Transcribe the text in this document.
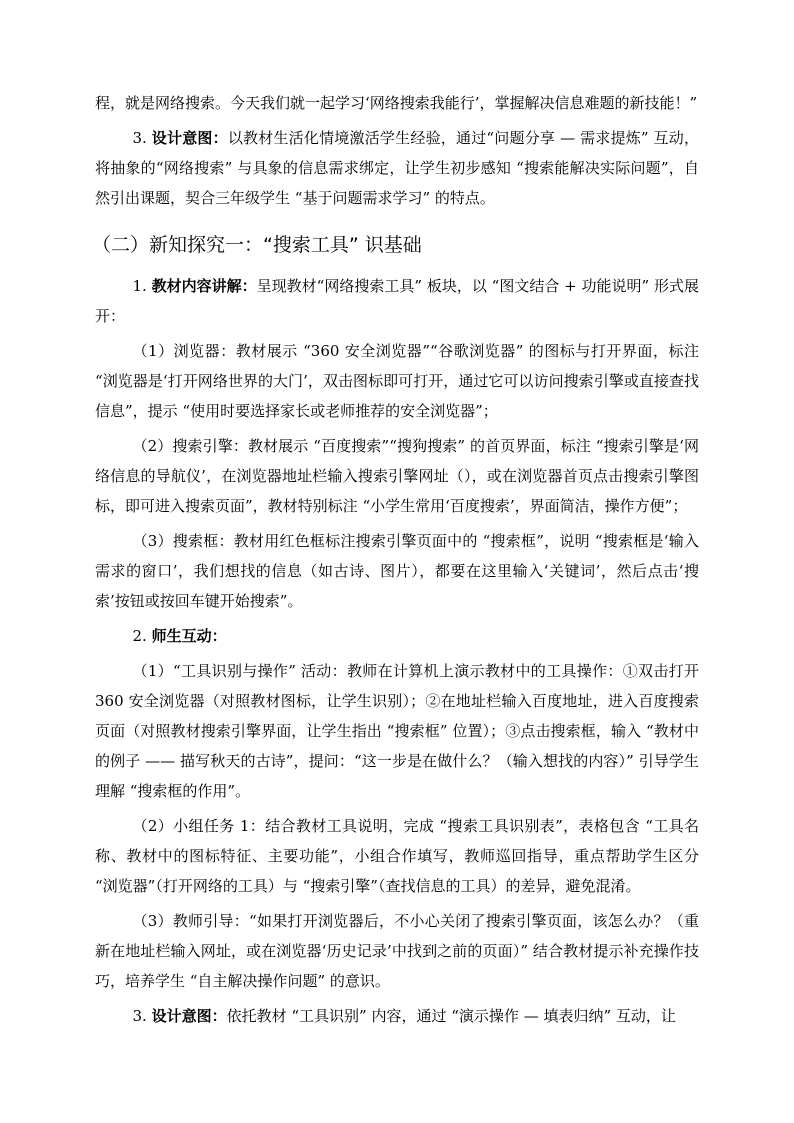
程，就是网络搜索。今天我们就一起学习‘网络搜索我能行’，掌握解决信息难题的新技能！”

3. 设计意图：以教材生活化情境激活学生经验，通过“问题分享 — 需求提炼” 互动，将抽象的“网络搜索” 与具象的信息需求绑定，让学生初步感知 “搜索能解决实际问题”，自然引出课题，契合三年级学生 “基于问题需求学习” 的特点。

（二）新知探究一：“搜索工具” 识基础

1. 教材内容讲解：呈现教材“网络搜索工具” 板块，以 “图文结合 + 功能说明” 形式展开：

（1）浏览器：教材展示 “360 安全浏览器”“谷歌浏览器” 的图标与打开界面，标注 “浏览器是‘打开网络世界的大门’，双击图标即可打开，通过它可以访问搜索引擎或直接查找信息”，提示 “使用时要选择家长或老师推荐的安全浏览器”；

（2）搜索引擎：教材展示 “百度搜索”“搜狗搜索” 的首页界面，标注 “搜索引擎是‘网络信息的导航仪’，在浏览器地址栏输入搜索引擎网址（），或在浏览器首页点击搜索引擎图标，即可进入搜索页面”，教材特别标注 “小学生常用‘百度搜索’，界面简洁，操作方便”；

（3）搜索框：教材用红色框标注搜索引擎页面中的 “搜索框”，说明 “搜索框是‘输入需求的窗口’，我们想找的信息（如古诗、图片），都要在这里输入‘关键词’，然后点击‘搜索’按钮或按回车键开始搜索”。

2. 师生互动：

（1）“工具识别与操作” 活动：教师在计算机上演示教材中的工具操作：①双击打开 360 安全浏览器（对照教材图标，让学生识别）；②在地址栏输入百度地址，进入百度搜索页面（对照教材搜索引擎界面，让学生指出 “搜索框” 位置）；③点击搜索框，输入 “教材中的例子 —— 描写秋天的古诗”，提问：“这一步是在做什么？（输入想找的内容）” 引导学生理解 “搜索框的作用”。

（2）小组任务 1：结合教材工具说明，完成 “搜索工具识别表”，表格包含 “工具名称、教材中的图标特征、主要功能”，小组合作填写，教师巡回指导，重点帮助学生区分 “浏览器”（打开网络的工具）与 “搜索引擎”（查找信息的工具）的差异，避免混淆。

（3）教师引导：“如果打开浏览器后，不小心关闭了搜索引擎页面，该怎么办？（重新在地址栏输入网址，或在浏览器‘历史记录’中找到之前的页面）” 结合教材提示补充操作技巧，培养学生 “自主解决操作问题” 的意识。

3. 设计意图：依托教材 “工具识别” 内容，通过 “演示操作 — 填表归纳” 互动，让
